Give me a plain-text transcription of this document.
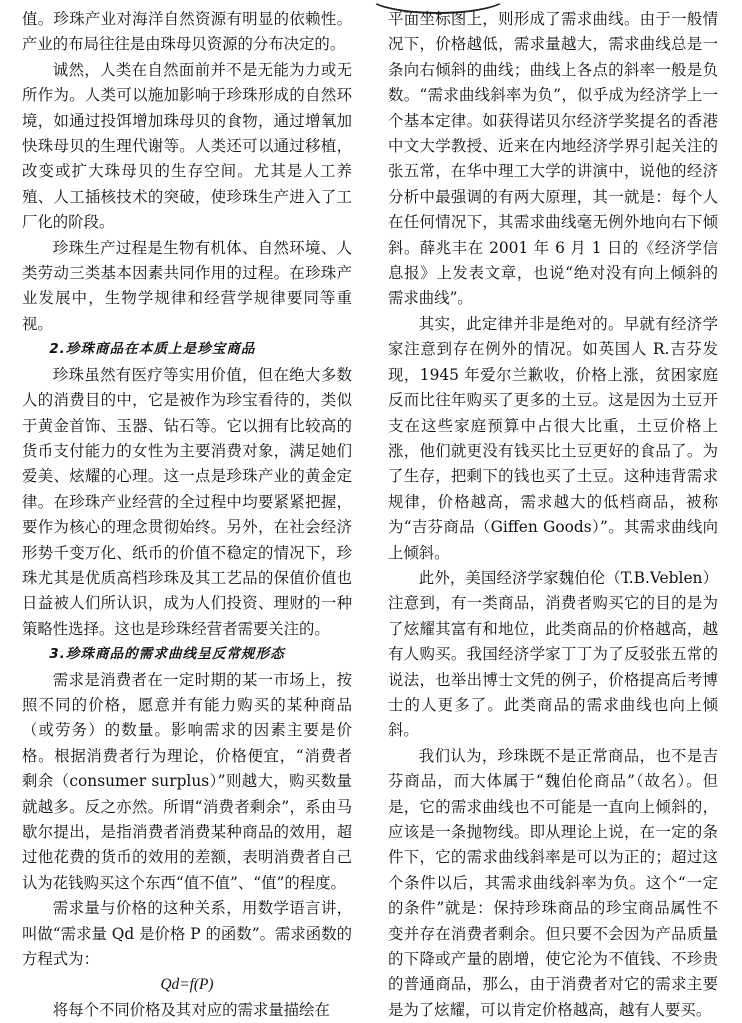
值。珍珠产业对海洋自然资源有明显的依赖性。产业的布局往往是由珠母贝资源的分布决定的。

诚然，人类在自然面前并不是无能为力或无所作为。人类可以施加影响于珍珠形成的自然环境，如通过投饵增加珠母贝的食物，通过增氧加快珠母贝的生理代谢等。人类还可以通过移植，改变或扩大珠母贝的生存空间。尤其是人工养殖、人工插核技术的突破，使珍珠生产进入了工厂化的阶段。

珍珠生产过程是生物有机体、自然环境、人类劳动三类基本因素共同作用的过程。在珍珠产业发展中，生物学规律和经营学规律要同等重视。

2.珍珠商品在本质上是珍宝商品

珍珠虽然有医疗等实用价值，但在绝大多数人的消费目的中，它是被作为珍宝看待的，类似于黄金首饰、玉器、钻石等。它以拥有比较高的货币支付能力的女性为主要消费对象，满足她们爱美、炫耀的心理。这一点是珍珠产业的黄金定律。在珍珠产业经营的全过程中均要紧紧把握，要作为核心的理念贯彻始终。另外，在社会经济形势千变万化、纸币的价值不稳定的情况下，珍珠尤其是优质高档珍珠及其工艺品的保值价值也日益被人们所认识，成为人们投资、理财的一种策略性选择。这也是珍珠经营者需要关注的。

3.珍珠商品的需求曲线呈反常规形态

需求是消费者在一定时期的某一市场上，按照不同的价格，愿意并有能力购买的某种商品（或劳务）的数量。影响需求的因素主要是价格。根据消费者行为理论，价格便宜，“消费者剩余（consumer surplus）”则越大，购买数量就越多。反之亦然。所谓“消费者剩余”，系由马歇尔提出，是指消费者消费某种商品的效用，超过他花费的货币的效用的差额，表明消费者自己认为花钱购买这个东西“值不值”、“值”的程度。

需求量与价格的这种关系，用数学语言讲，叫做“需求量 Qd 是价格 P 的函数”。需求函数的方程式为：

Qd=f(P)

将每个不同价格及其对应的需求量描绘在

平面坐标图上，则形成了需求曲线。由于一般情况下，价格越低，需求量越大，需求曲线总是一条向右倾斜的曲线；曲线上各点的斜率一般是负数。“需求曲线斜率为负”，似乎成为经济学上一个基本定律。如获得诺贝尔经济学奖提名的香港中文大学教授、近来在内地经济学界引起关注的张五常，在华中理工大学的讲演中，说他的经济分析中最强调的有两大原理，其一就是：每个人在任何情况下，其需求曲线毫无例外地向右下倾斜。薛兆丰在 2001 年 6 月 1 日的《经济学信息报》上发表文章，也说“绝对没有向上倾斜的需求曲线”。

其实，此定律并非是绝对的。早就有经济学家注意到存在例外的情况。如英国人 R.吉芬发现，1945 年爱尔兰歉收，价格上涨，贫困家庭反而比往年购买了更多的土豆。这是因为土豆开支在这些家庭预算中占很大比重，土豆价格上涨，他们就更没有钱买比土豆更好的食品了。为了生存，把剩下的钱也买了土豆。这种违背需求规律，价格越高，需求越大的低档商品，被称为“吉芬商品（Giffen Goods）”。其需求曲线向上倾斜。

此外，美国经济学家魏伯伦（T.B.Veblen）注意到，有一类商品，消费者购买它的目的是为了炫耀其富有和地位，此类商品的价格越高，越有人购买。我国经济学家丁丁为了反驳张五常的说法，也举出博士文凭的例子，价格提高后考博士的人更多了。此类商品的需求曲线也向上倾斜。

我们认为，珍珠既不是正常商品，也不是吉芬商品，而大体属于“魏伯伦商品”（故名）。但是，它的需求曲线也不可能是一直向上倾斜的，应该是一条抛物线。即从理论上说，在一定的条件下，它的需求曲线斜率是可以为正的；超过这个条件以后，其需求曲线斜率为负。这个“一定的条件”就是：保持珍珠商品的珍宝商品属性不变并存在消费者剩余。但只要不会因为产品质量的下降或产量的剧增，使它沦为不值钱、不珍贵的普通商品，那么，由于消费者对它的需求主要是为了炫耀，可以肯定价格越高，越有人要买。
